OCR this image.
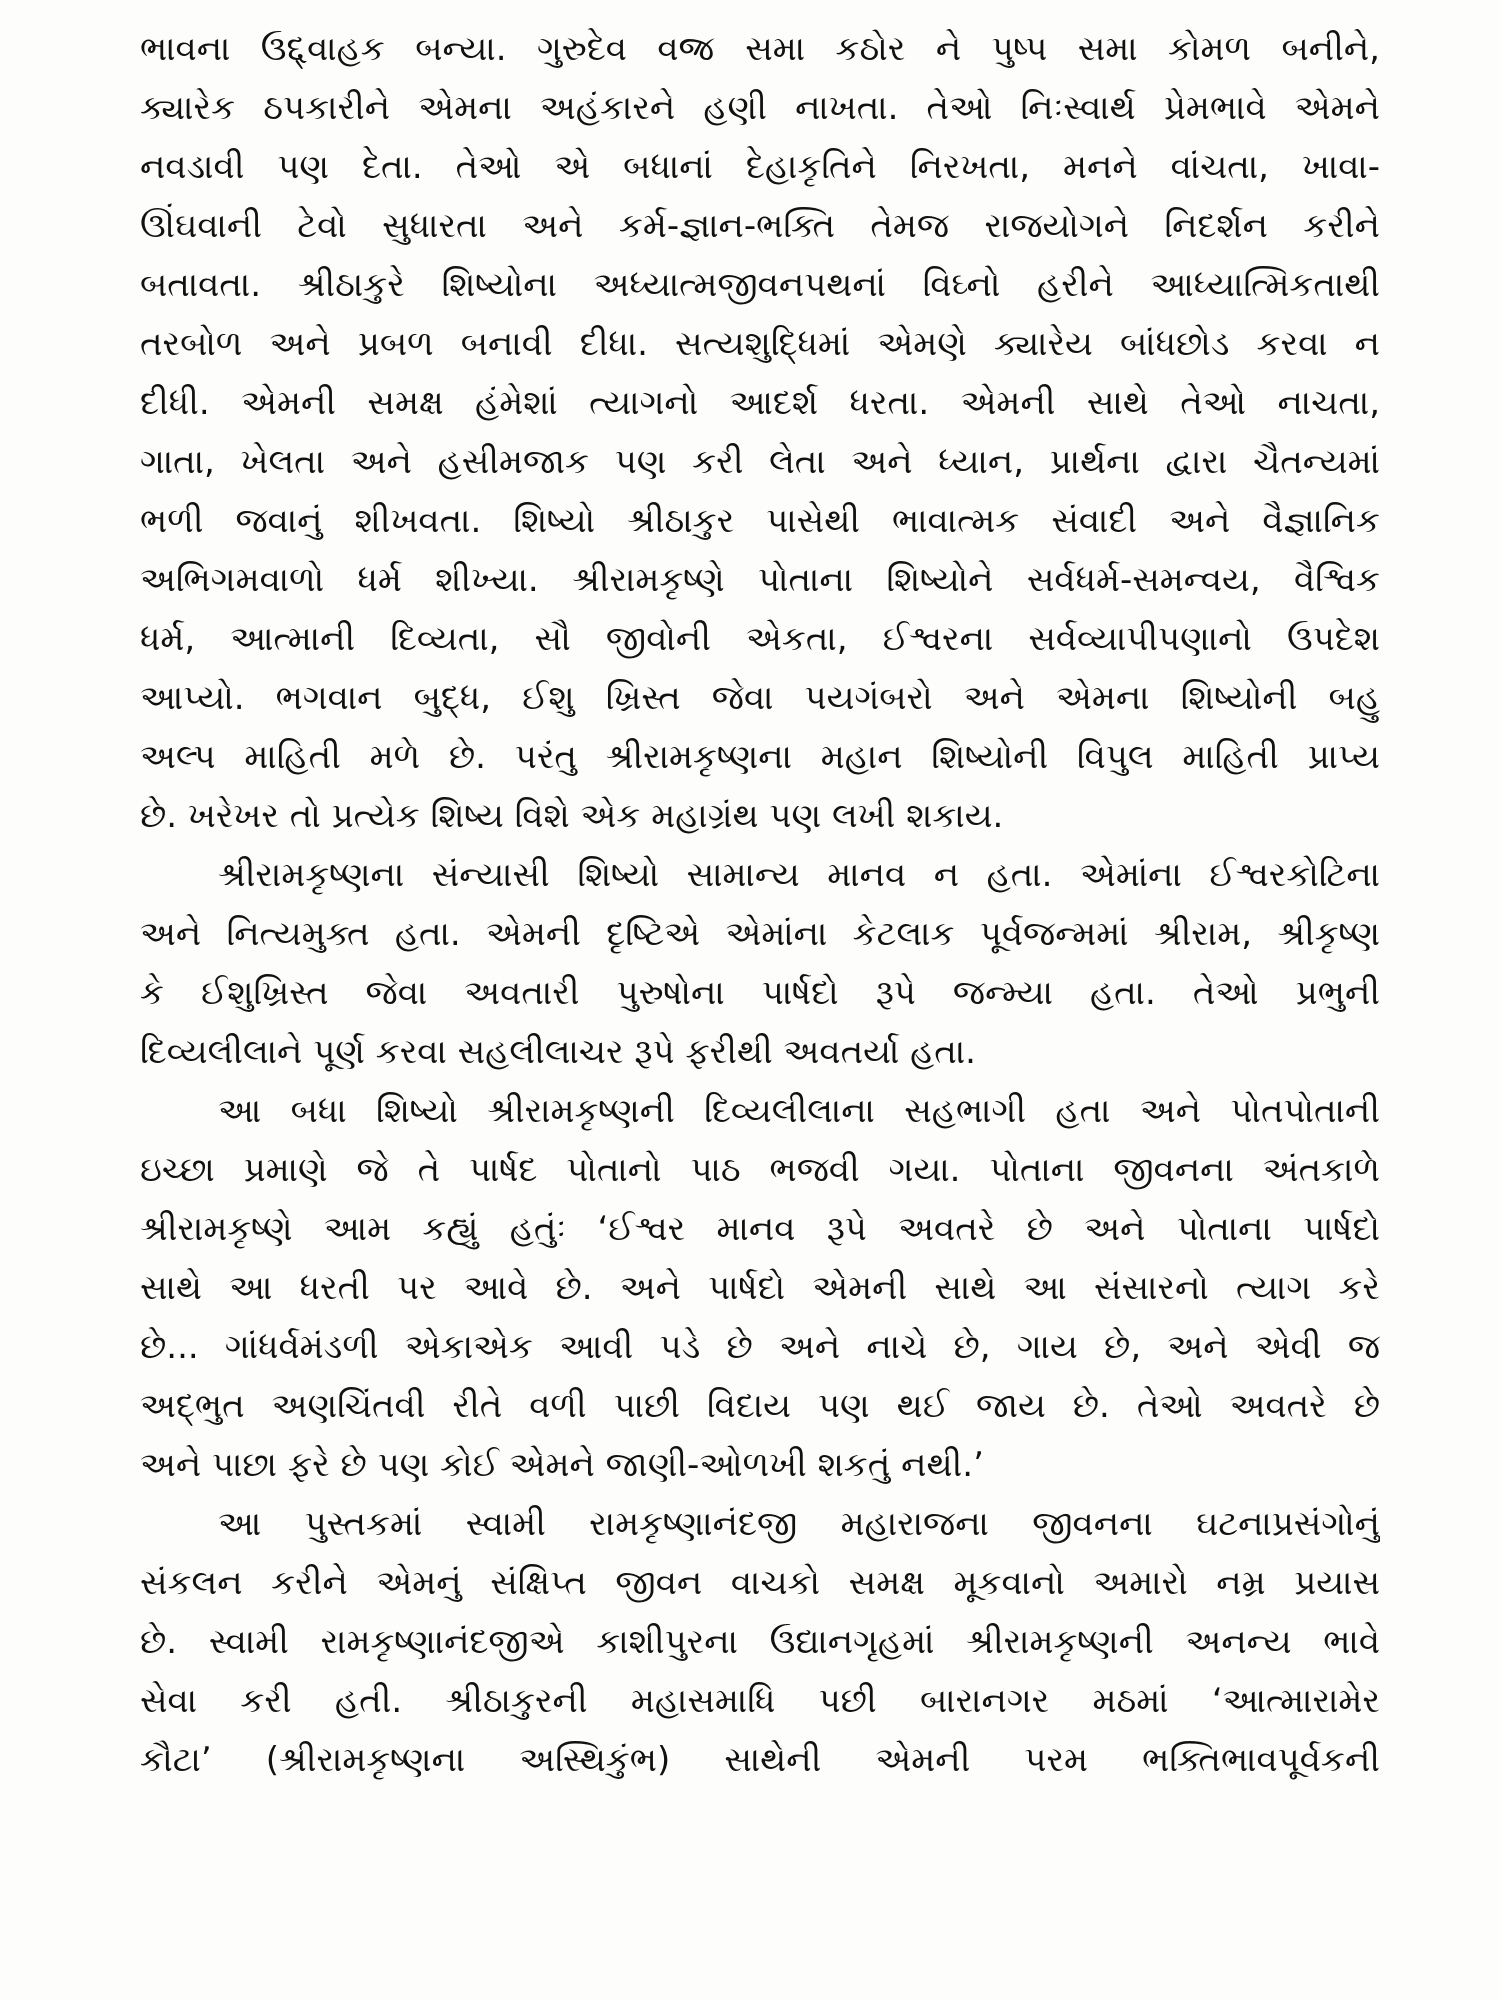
ભાવના ઉદ્દ્વાહક બન્યા. ગુરુદેવ વજ્ર સમા કઠોર ને પુષ્પ સમા કોમળ બનીને,
ક્યારેક ઠપકારીને એમના અહંકારને હણી નાખતા. તેઓ નિઃસ્વાર્થ પ્રેમભાવે એમને
નવડાવી પણ દેતા. તેઓ એ બધાનાં દેહાકૃતિને નિરખતા, મનને વાંચતા, ખાવા-
ઊંઘવાની ટેવો સુધારતા અને કર્મ-જ્ઞાન-ભક્તિ તેમજ રાજયોગને નિદર્શન કરીને
બતાવતા. શ્રીઠાકુરે શિષ્યોના અધ્યાત્મજીવનપથનાં વિઘ્નો હરીને આધ્યાત્મિકતાથી
તરબોળ અને પ્રબળ બનાવી દીધા. સત્યશુદ્ધિમાં એમણે ક્યારેય બાંધછોડ કરવા ન
દીધી. એમની સમક્ષ હંમેશાં ત્યાગનો આદર્શ ધરતા. એમની સાથે તેઓ નાચતા,
ગાતા, ખેલતા અને હસીમજાક પણ કરી લેતા અને ધ્યાન, પ્રાર્થના દ્વારા ચૈતન્યમાં
ભળી જવાનું શીખવતા. શિષ્યો શ્રીઠાકુર પાસેથી ભાવાત્મક સંવાદી અને વૈજ્ઞાનિક
અભિગમવાળો ધર્મ શીખ્યા. શ્રીરામકૃષ્ણે પોતાના શિષ્યોને સર્વધર્મ-સમન્વય, વૈશ્વિક
ધર્મ, આત્માની દિવ્યતા, સૌ જીવોની એકતા, ઈશ્વરના સર્વવ્યાપીપણાનો ઉપદેશ
આપ્યો. ભગવાન બુદ્ધ, ઈશુ ખ્રિસ્ત જેવા પયગંબરો અને એમના શિષ્યોની બહુ
અલ્પ માહિતી મળે છે. પરંતુ શ્રીરામકૃષ્ણના મહાન શિષ્યોની વિપુલ માહિતી પ્રાપ્ય
છે. ખરેખર તો પ્રત્યેક શિષ્ય વિશે એક મહાગ્રંથ પણ લખી શકાય.
શ્રીરામકૃષ્ણના સંન્યાસી શિષ્યો સામાન્ય માનવ ન હતા. એમાંના ઈશ્વરકોટિના
અને નિત્યમુક્ત હતા. એમની દૃષ્ટિએ એમાંના કેટલાક પૂર્વજન્મમાં શ્રીરામ, શ્રીકૃષ્ણ
કે ઈશુખ્રિસ્ત જેવા અવતારી પુરુષોના પાર્ષદો રૂપે જન્મ્યા હતા. તેઓ પ્રભુની
દિવ્યલીલાને પૂર્ણ કરવા સહલીલાચર રૂપે ફરીથી અવતર્યા હતા.
આ બધા શિષ્યો શ્રીરામકૃષ્ણની દિવ્યલીલાના સહભાગી હતા અને પોતપોતાની
ઇચ્છા પ્રમાણે જે તે પાર્ષદ પોતાનો પાઠ ભજવી ગયા. પોતાના જીવનના અંતકાળે
શ્રીરામકૃષ્ણે આમ કહ્યું હતુંઃ ‘ઈશ્વર માનવ રૂપે અવતરે છે અને પોતાના પાર્ષદો
સાથે આ ધરતી પર આવે છે. અને પાર્ષદો એમની સાથે આ સંસારનો ત્યાગ કરે
છે... ગાંધર્વમંડળી એકાએક આવી પડે છે અને નાચે છે, ગાય છે, અને એવી જ
અદ્ભુત અણચિંતવી રીતે વળી પાછી વિદાય પણ થઈ જાય છે. તેઓ અવતરે છે
અને પાછા ફરે છે પણ કોઈ એમને જાણી-ઓળખી શકતું નથી.’
આ પુસ્તકમાં સ્વામી રામકૃષ્ણાનંદજી મહારાજના જીવનના ઘટનાપ્રસંગોનું
સંકલન કરીને એમનું સંક્ષિપ્ત જીવન વાચકો સમક્ષ મૂકવાનો અમારો નમ્ર પ્રયાસ
છે. સ્વામી રામકૃષ્ણાનંદજીએ કાશીપુરના ઉદ્યાનગૃહમાં શ્રીરામકૃષ્ણની અનન્ય ભાવે
સેવા કરી હતી. શ્રીઠાકુરની મહાસમાધિ પછી બારાનગર મઠમાં ‘આત્મારામેર
કૌટા’ (શ્રીરામકૃષ્ણના અસ્થિકુંભ) સાથેની એમની પરમ ભક્તિભાવપૂર્વકની
